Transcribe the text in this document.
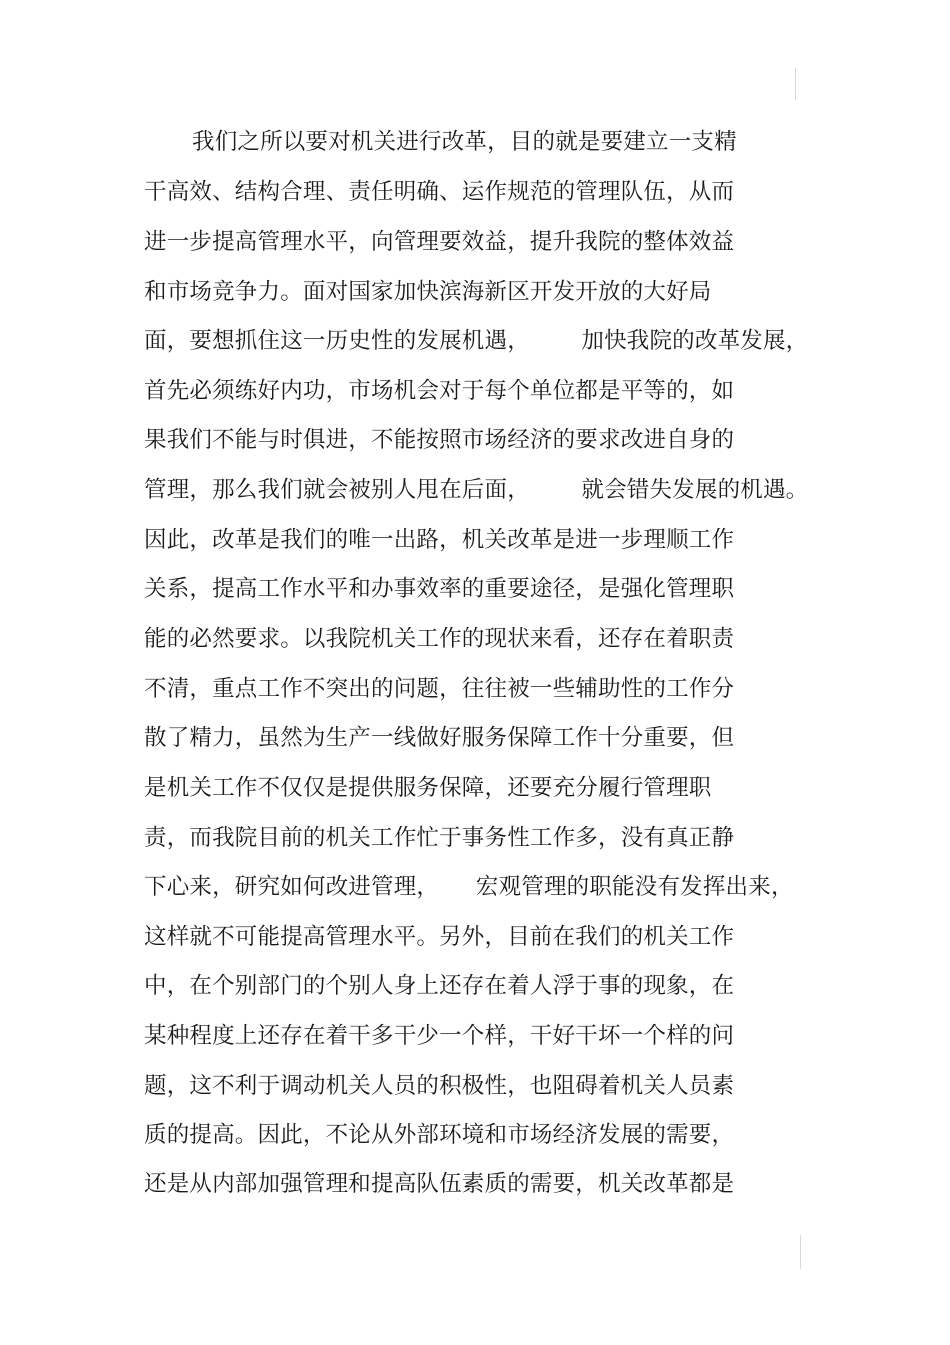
我们之所以要对机关进行改革，目的就是要建立一支精
干高效、结构合理、责任明确、运作规范的管理队伍，从而
进一步提高管理水平，向管理要效益，提升我院的整体效益
和市场竞争力。面对国家加快滨海新区开发开放的大好局
面，要想抓住这一历史性的发展机遇，       加快我院的改革发展，
首先必须练好内功，市场机会对于每个单位都是平等的，如
果我们不能与时俱进，不能按照市场经济的要求改进自身的
管理，那么我们就会被别人甩在后面，       就会错失发展的机遇。
因此，改革是我们的唯一出路，机关改革是进一步理顺工作
关系，提高工作水平和办事效率的重要途径，是强化管理职
能的必然要求。以我院机关工作的现状来看，还存在着职责
不清，重点工作不突出的问题，往往被一些辅助性的工作分
散了精力，虽然为生产一线做好服务保障工作十分重要，但
是机关工作不仅仅是提供服务保障，还要充分履行管理职
责，而我院目前的机关工作忙于事务性工作多，没有真正静
下心来，研究如何改进管理，     宏观管理的职能没有发挥出来，
这样就不可能提高管理水平。另外，目前在我们的机关工作
中，在个别部门的个别人身上还存在着人浮于事的现象，在
某种程度上还存在着干多干少一个样，干好干坏一个样的问
题，这不利于调动机关人员的积极性，也阻碍着机关人员素
质的提高。因此，不论从外部环境和市场经济发展的需要，
还是从内部加强管理和提高队伍素质的需要，机关改革都是
